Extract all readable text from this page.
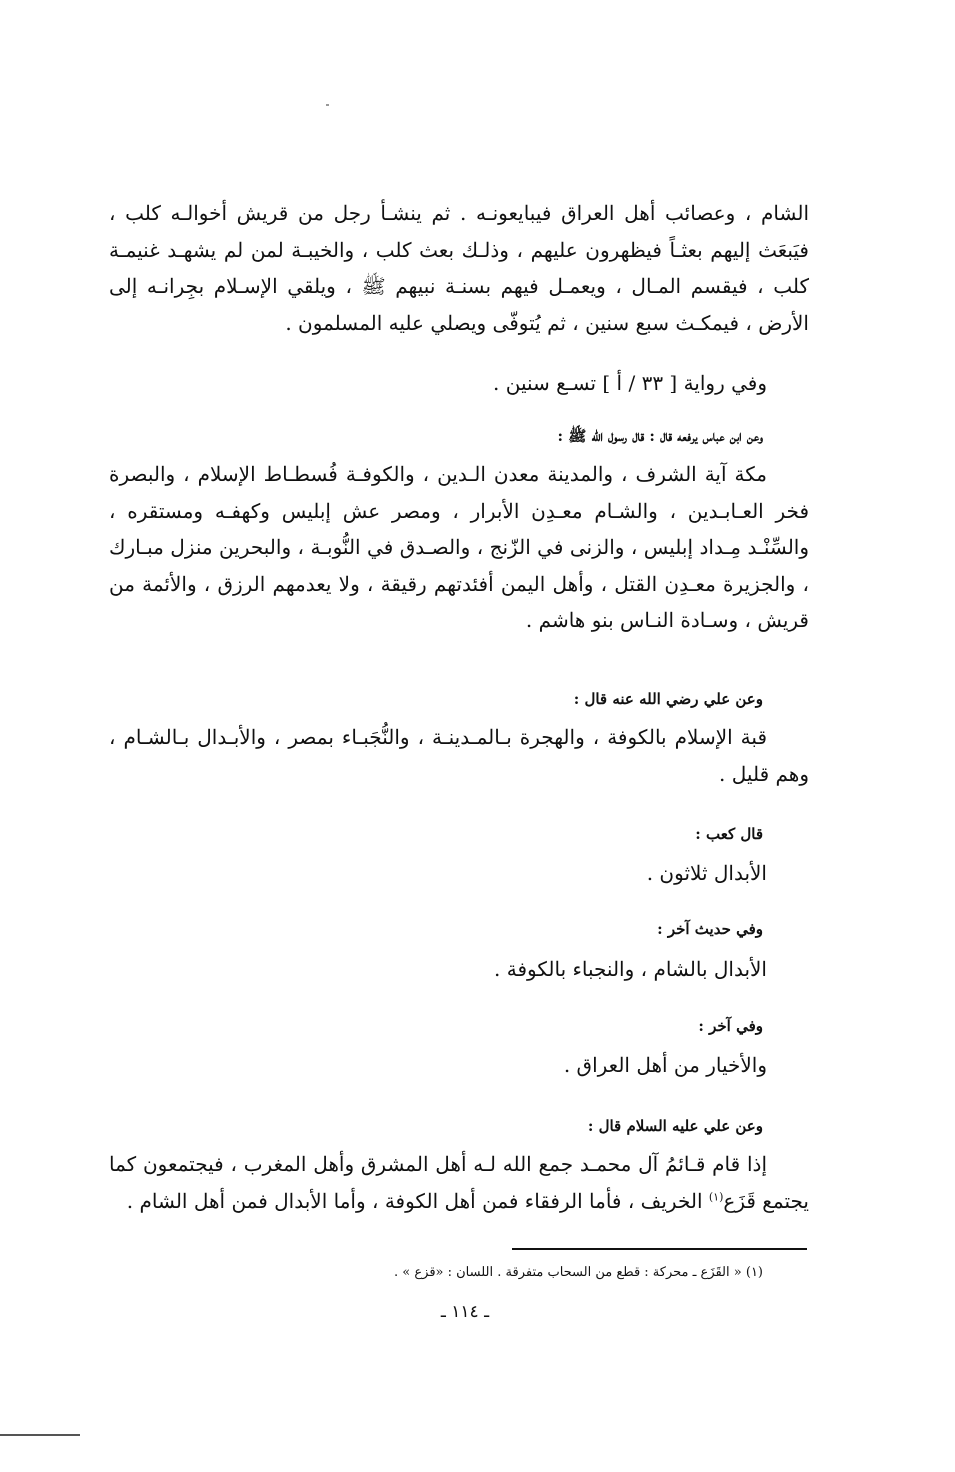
الشام ، وعصائب أهل العراق فيبايعونـه . ثم ينشـأ رجل من قريش أخوالـه كلب ، فيَبعَث إليهم بعثـاً فيظهرون عليهم ، وذلـك بعث كلب ، والخيبـة لمن لم يشهـد غنيمـة كلب ، فيقسم المـال ، ويعمـل فيهم بسنـة نبيهم ﷺ ، ويلقي الإسـلام بجِرانـه إلى الأرض ، فيمكـث سبع سنين ، ثم يُتوفّى ويصلي عليه المسلمون .

وفي رواية [ ٣٣ / أ ] تسـع سنين .

وعن ابن عباس يرفعه قال : قال رسول الله ﷺ :

مكة آية الشرف ، والمدينة معدن الـدين ، والكوفـة فُسطـاط الإسلام ، والبصرة فخر العـابـدين ، والشـام معـدِن الأبرار ، ومصر عش إبليس وكهفـه ومستقره ، والسِّنْـد مِـداد إبليس ، والزنى في الزّنج ، والصـدق في النُّوبـة ، والبحرين منزل مبـارك ، والجزيرة معـدِن القتل ، وأهل اليمن أفئدتهم رقيقة ، ولا يعدمهم الرزق ، والأئمة من قريش ، وسـادة النـاس بنو هاشم .

وعن علي رضي الله عنه قال :

قبة الإسلام بالكوفة ، والهجرة بـالمـدينـة ، والنُّجَبـاء بمصر ، والأبـدال بـالشـام ، وهم قليل .

قال كعب :

الأبدال ثلاثون .

وفي حديث آخر :

الأبدال بالشام ، والنجباء بالكوفة .

وفي آخر :

والأخيار من أهل العراق .

وعن علي عليه السلام قال :

إذا قام قـائمُ آل محمـد جمع الله لـه أهل المشرق وأهل المغرب ، فيجتمعون كما يجتمع قَزَع$^{(١)}$ الخريف ، فأما الرفقاء فمن أهل الكوفة ، وأما الأبدال فمن أهل الشام .

(١) « القَزَع ـ محركة : قطع من السحاب متفرقة . اللسان : «قزع » .

ـ ١١٤ ـ
